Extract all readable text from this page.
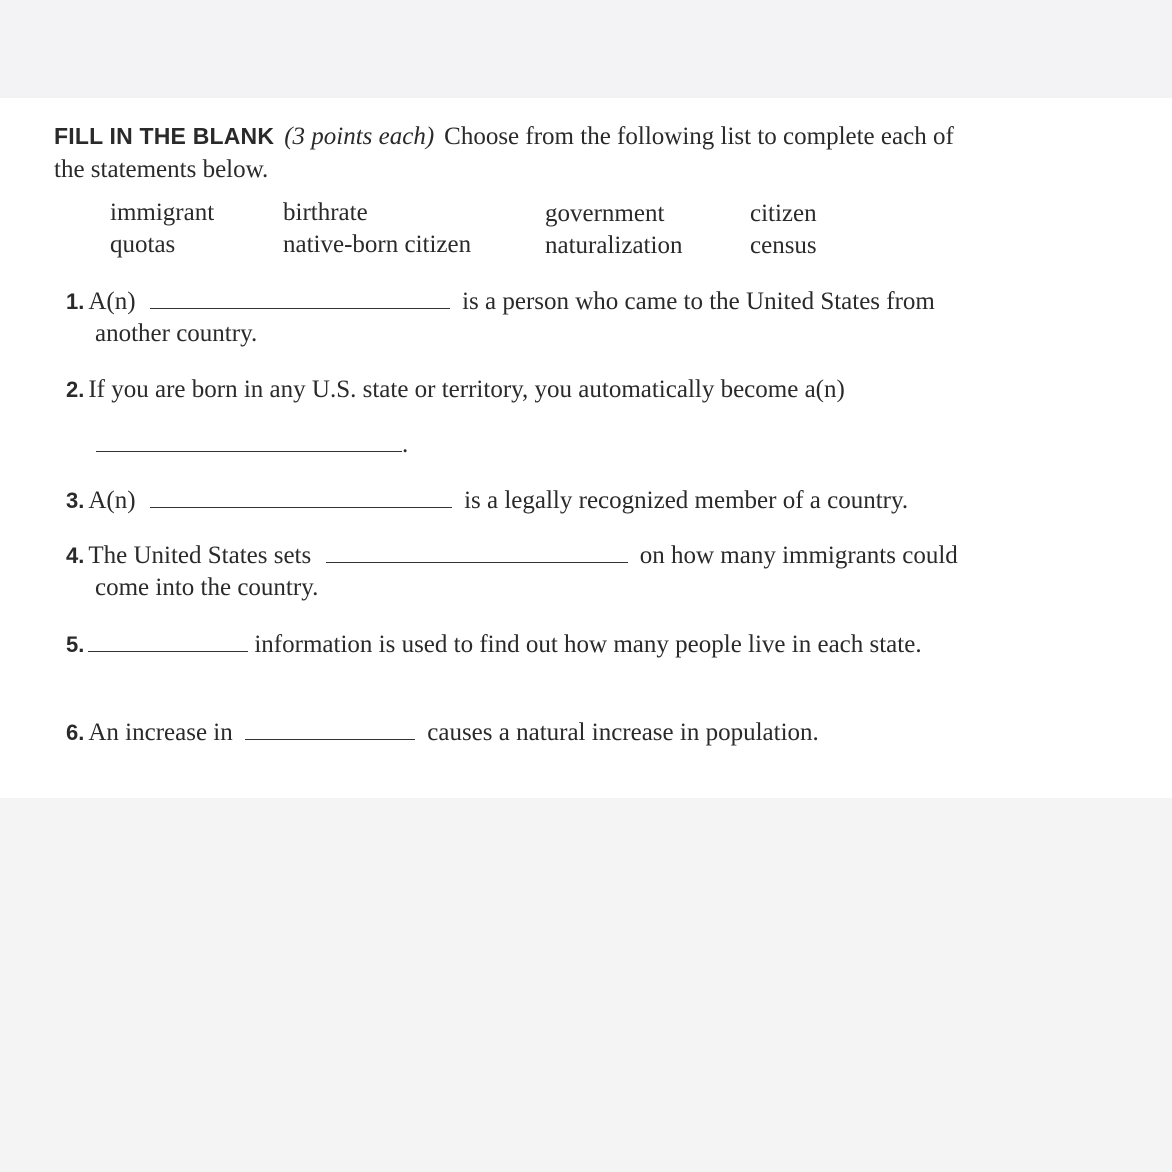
FILL IN THE BLANK (3 points each) Choose from the following list to complete each of
the statements below.
immigrant	birthrate	government	citizen
quotas	native-born citizen	naturalization	census
1. A(n)	is a person who came to the United States from
another country.
2. If you are born in any U.S. state or territory, you automatically become a(n)
.
3. A(n)	is a legally recognized member of a country.
4. The United States sets	on how many immigrants could
come into the country.
5.	information is used to find out how many people live in each state.
6. An increase in	causes a natural increase in population.
